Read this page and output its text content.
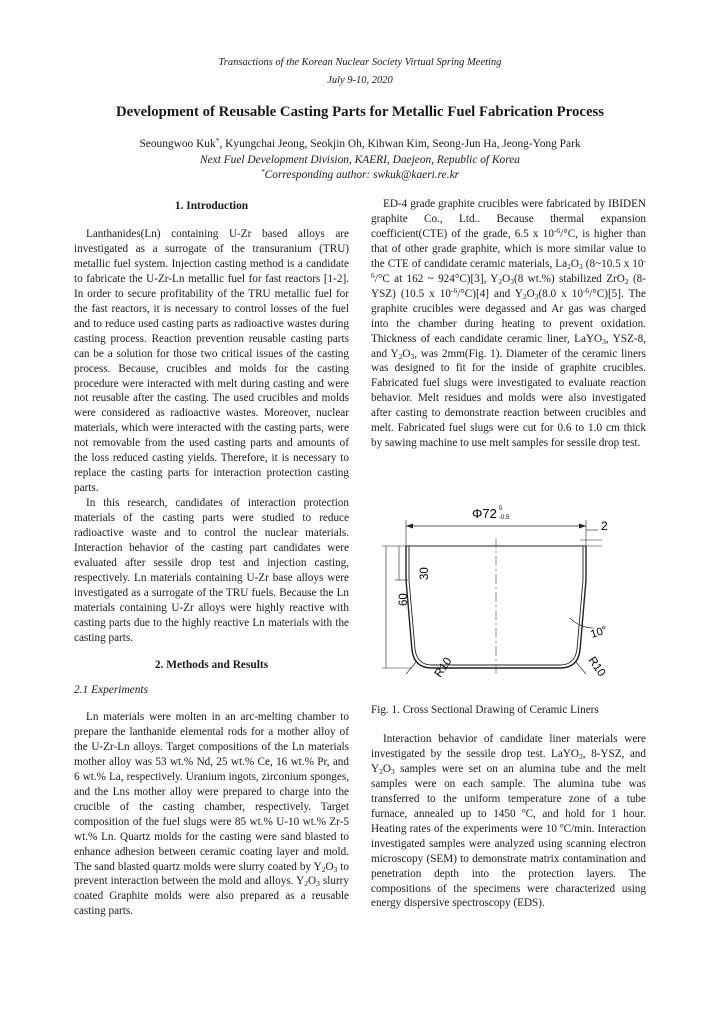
Transactions of the Korean Nuclear Society Virtual Spring Meeting
July 9-10, 2020
Development of Reusable Casting Parts for Metallic Fuel Fabrication Process
Seoungwoo Kuk*, Kyungchai Jeong, Seokjin Oh, Kihwan Kim, Seong-Jun Ha, Jeong-Yong Park
Next Fuel Development Division, KAERI, Daejeon, Republic of Korea
*Corresponding author: swkuk@kaeri.re.kr
1. Introduction

Lanthanides(Ln) containing U-Zr based alloys are investigated as a surrogate of the transuranium (TRU) metallic fuel system. Injection casting method is a candidate to fabricate the U-Zr-Ln metallic fuel for fast reactors [1-2]. In order to secure profitability of the TRU metallic fuel for the fast reactors, it is necessary to control losses of the fuel and to reduce used casting parts as radioactive wastes during casting process. Reaction prevention reusable casting parts can be a solution for those two critical issues of the casting process. Because, crucibles and molds for the casting procedure were interacted with melt during casting and were not reusable after the casting. The used crucibles and molds were considered as radioactive wastes. Moreover, nuclear materials, which were interacted with the casting parts, were not removable from the used casting parts and amounts of the loss reduced casting yields. Therefore, it is necessary to replace the casting parts for interaction protection casting parts.

In this research, candidates of interaction protection materials of the casting parts were studied to reduce radioactive waste and to control the nuclear materials. Interaction behavior of the casting part candidates were evaluated after sessile drop test and injection casting, respectively. Ln materials containing U-Zr base alloys were investigated as a surrogate of the TRU fuels. Because the Ln materials containing U-Zr alloys were highly reactive with casting parts due to the highly reactive Ln materials with the casting parts.

2. Methods and Results
2.1 Experiments

Ln materials were molten in an arc-melting chamber to prepare the lanthanide elemental rods for a mother alloy of the U-Zr-Ln alloys. Target compositions of the Ln materials mother alloy was 53 wt.% Nd, 25 wt.% Ce, 16 wt.% Pr, and 6 wt.% La, respectively. Uranium ingots, zirconium sponges, and the Lns mother alloy were prepared to charge into the crucible of the casting chamber, respectively. Target composition of the fuel slugs were 85 wt.% U-10 wt.% Zr-5 wt.% Ln. Quartz molds for the casting were sand blasted to enhance adhesion between ceramic coating layer and mold. The sand blasted quartz molds were slurry coated by $Y_2O_3$ to prevent interaction between the mold and alloys. $Y_2O_3$ slurry coated Graphite molds were also prepared as a reusable casting parts.

ED-4 grade graphite crucibles were fabricated by IBIDEN graphite Co., Ltd.. Because thermal expansion coefficient(CTE) of the grade, 6.5 x $10^{-6}/^\circ C$, is higher than that of other grade graphite, which is more similar value to the CTE of candidate ceramic materials, $La_2O_3$ (8~10.5 x $10^{-6}/^\circ C$ at 162 ~ 924°C)[3], $Y_2O_3(8$ wt.%) stabilized ZrO$_2$ (8-YSZ) (10.5 x $10^{-6}/^\circ C)[4]$ and $Y_2O_3(8.0$ x $10^{-6}/^\circ C)[5]$. The graphite crucibles were degassed and Ar gas was charged into the chamber during heating to prevent oxidation. Thickness of each candidate ceramic liner, LaYO$_3$, YSZ-8, and $Y_2O_3$, was 2mm(Fig. 1). Diameter of the ceramic liners was designed to fit for the inside of graphite crucibles. Fabricated fuel slugs were investigated to evaluate reaction behavior. Melt residues and molds were also investigated after casting to demonstrate reaction between crucibles and melt. Fabricated fuel slugs were cut for 0.6 to 1.0 cm thick by sawing machine to use melt samples for sessile drop test.

Φ72 0
-0.5
2
30
60
10°
R10	R10
Fig. 1. Cross Sectional Drawing of Ceramic Liners

Interaction behavior of candidate liner materials were investigated by the sessile drop test. LaYO$_3$, 8-YSZ, and $Y_2O_3$ samples were set on an alumina tube and the melt samples were on each sample. The alumina tube was transferred to the uniform temperature zone of a tube furnace, annealed up to 1450 ºC, and hold for 1 hour. Heating rates of the experiments were 10 ºC/min. Interaction investigated samples were analyzed using scanning electron microscopy (SEM) to demonstrate matrix contamination and penetration depth into the protection layers. The compositions of the specimens were characterized using energy dispersive spectroscopy (EDS).
